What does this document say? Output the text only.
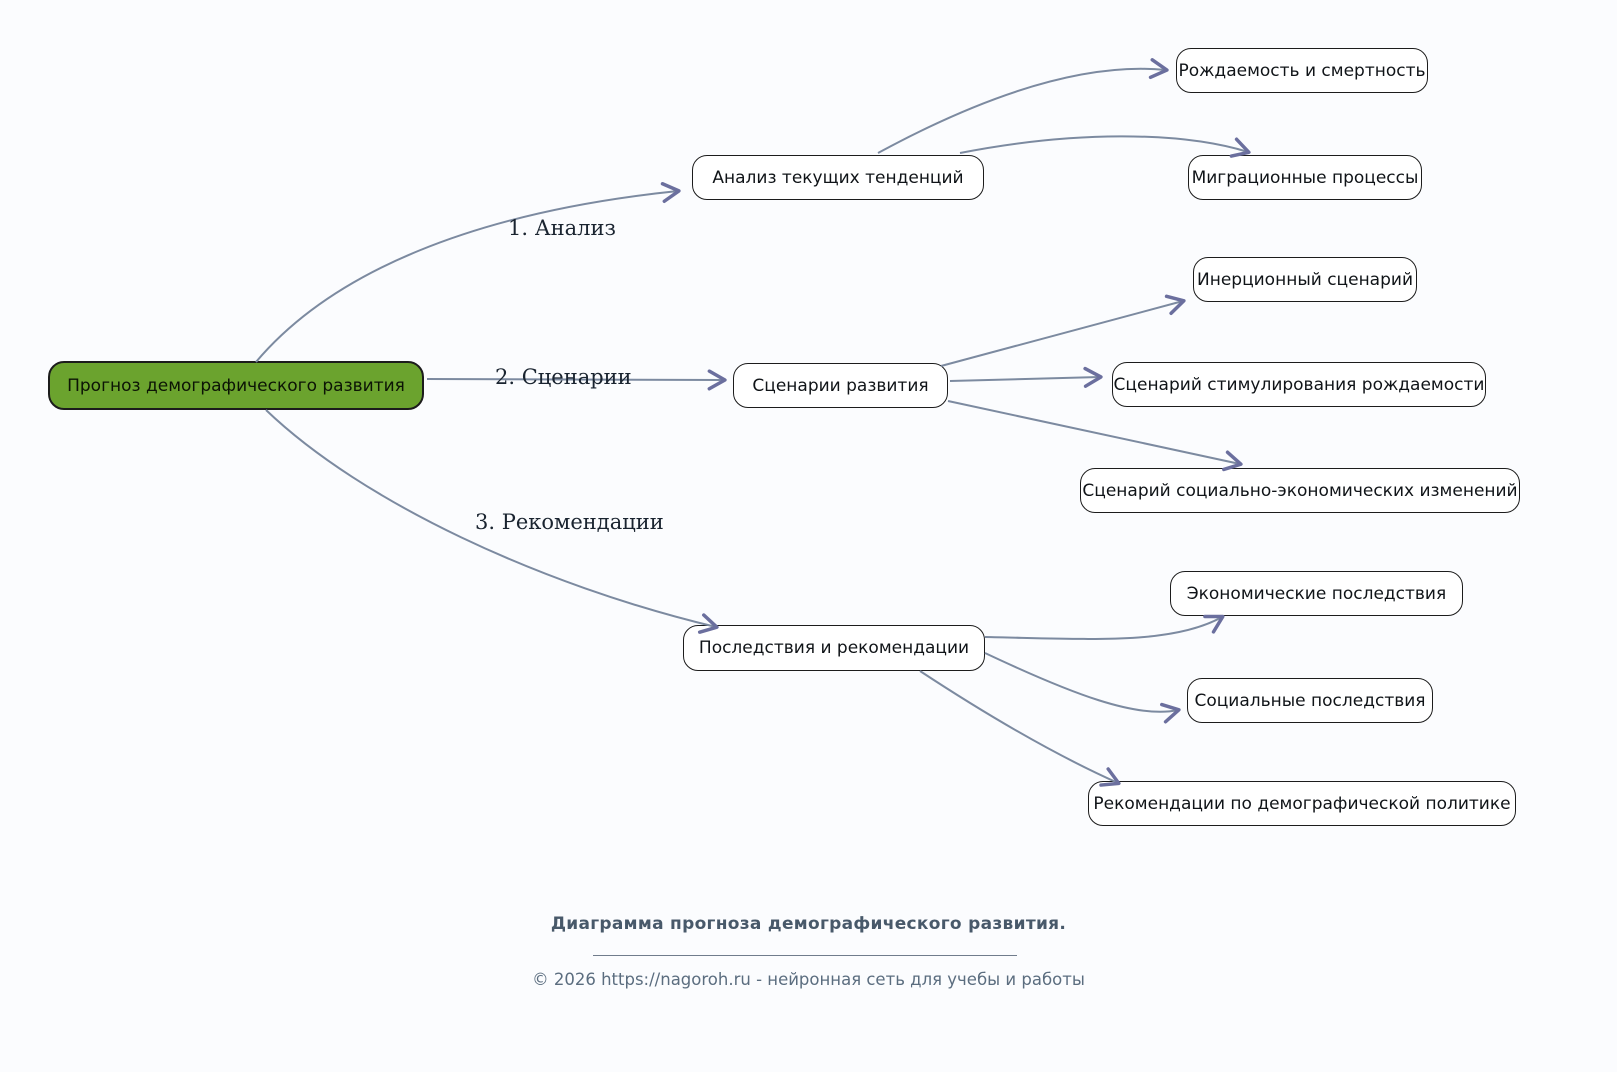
Прогноз демографического развития
Анализ текущих тенденций
Рождаемость и смертность
Миграционные процессы
Сценарии развития
Инерционный сценарий
Сценарий стимулирования рождаемости
Сценарий социально-экономических изменений
Последствия и рекомендации
Экономические последствия
Социальные последствия
Рекомендации по демографической политике
1. Анализ
2. Сценарии
3. Рекомендации
Диаграмма прогноза демографического развития.
© 2026 https://nagoroh.ru - нейронная сеть для учебы и работы
